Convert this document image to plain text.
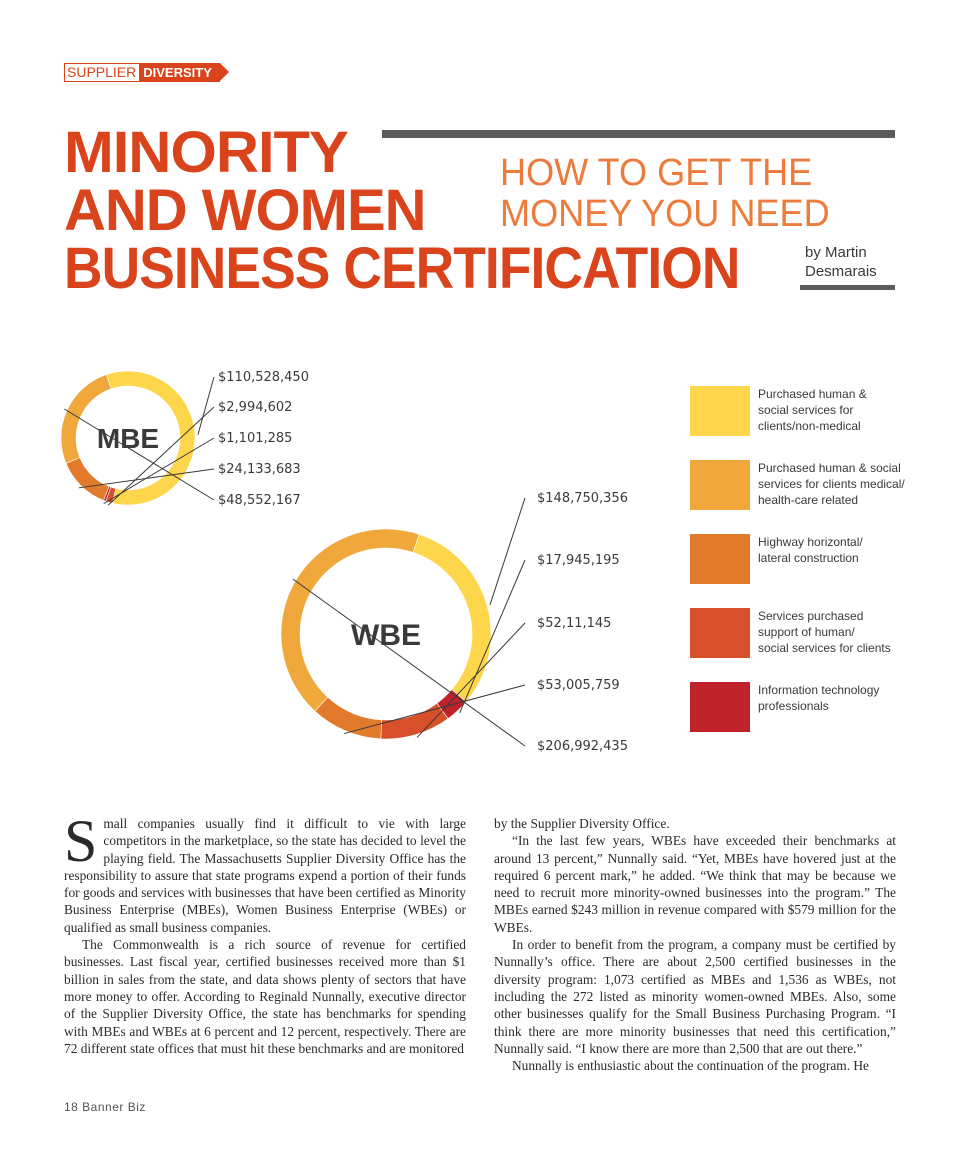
SUPPLIER DIVERSITY
MINORITY
AND WOMEN
BUSINESS CERTIFICATION
HOW TO GET THE
MONEY YOU NEED
by Martin
Desmarais
MBE
$110,528,450
$2,994,602
$1,101,285
$24,133,683
$48,552,167
WBE
$148,750,356
$17,945,195
$52,11,145
$53,005,759
$206,992,435
Purchased human &
social services for
clients/non-medical
Purchased human & social
services for clients medical/
health-care related
Highway horizontal/
lateral construction
Services purchased
support of human/
social services for clients
Information technology
professionals

Small companies usually find it difficult to vie with large competitors in the marketplace, so the state has decided to level the playing field. The Massachusetts Supplier Diversity Office has the responsibility to assure that state programs expend a portion of their funds for goods and services with businesses that have been certified as Minority Business Enterprise (MBEs), Women Business Enterprise (WBEs) or qualified as small business companies.

The Commonwealth is a rich source of revenue for certified businesses. Last fiscal year, certified businesses received more than $1 billion in sales from the state, and data shows plenty of sectors that have more money to offer. According to Reginald Nunnally, executive director of the Supplier Diversity Office, the state has benchmarks for spending with MBEs and WBEs at 6 percent and 12 percent, respectively. There are 72 different state offices that must hit these benchmarks and are monitored

by the Supplier Diversity Office.

“In the last few years, WBEs have exceeded their benchmarks at around 13 percent,” Nunnally said. “Yet, MBEs have hovered just at the required 6 percent mark,” he added. “We think that may be because we need to recruit more minority-owned businesses into the program.” The MBEs earned $243 million in revenue compared with $579 million for the WBEs.

In order to benefit from the program, a company must be certified by Nunnally’s office. There are about 2,500 certified businesses in the diversity program: 1,073 certified as MBEs and 1,536 as WBEs, not including the 272 listed as minority women-owned MBEs. Also, some other businesses qualify for the Small Business Purchasing Program. “I think there are more minority businesses that need this certification,” Nunnally said. “I know there are more than 2,500 that are out there.”

Nunnally is enthusiastic about the continuation of the program. He

18 Banner Biz
